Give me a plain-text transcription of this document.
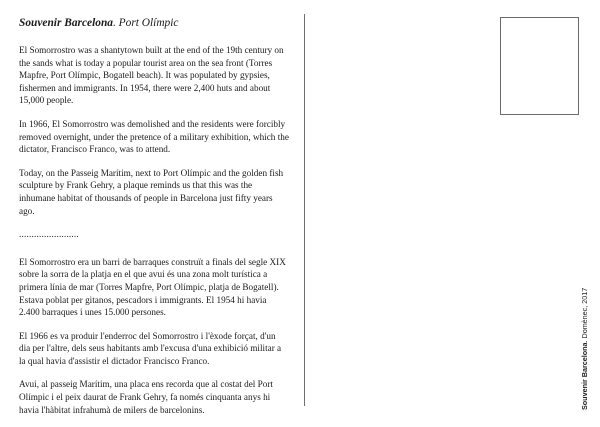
Souvenir Barcelona. Port Olímpic

El Somorrostro was a shantytown built at the end of the 19th century on the sands what is today a popular tourist area on the sea front (Torres Mapfre, Port Olímpic, Bogatell beach). It was populated by gypsies, fishermen and immigrants. In 1954, there were 2,400 huts and about 15,000 people.

In 1966, El Somorrostro was demolished and the residents were forcibly removed overnight, under the pretence of a military exhibition, which the dictator, Francisco Franco, was to attend.

Today, on the Passeig Marítim, next to Port Olímpic and the golden fish sculpture by Frank Gehry, a plaque reminds us that this was the inhumane habitat of thousands of people in Barcelona just fifty years ago.

........................

El Somorrostro era un barri de barraques construït a finals del segle XIX sobre la sorra de la platja en el que avui és una zona molt turística a primera línia de mar (Torres Mapfre, Port Olímpic, platja de Bogatell). Estava poblat per gitanos, pescadors i immigrants. El 1954 hi havia 2.400 barraques i unes 15.000 persones.

El 1966 es va produir l'enderroc del Somorrostro i l'èxode forçat, d'un dia per l'altre, dels seus habitants amb l'excusa d'una exhibició militar a la qual havia d'assistir el dictador Francisco Franco.

Avui, al passeig Marítim, una placa ens recorda que al costat del Port Olímpic i el peix daurat de Frank Gehry, fa només cinquanta anys hi havia l'hàbitat infrahumà de milers de barcelonins.	Souvenir Barcelona. Domènec, 2017
